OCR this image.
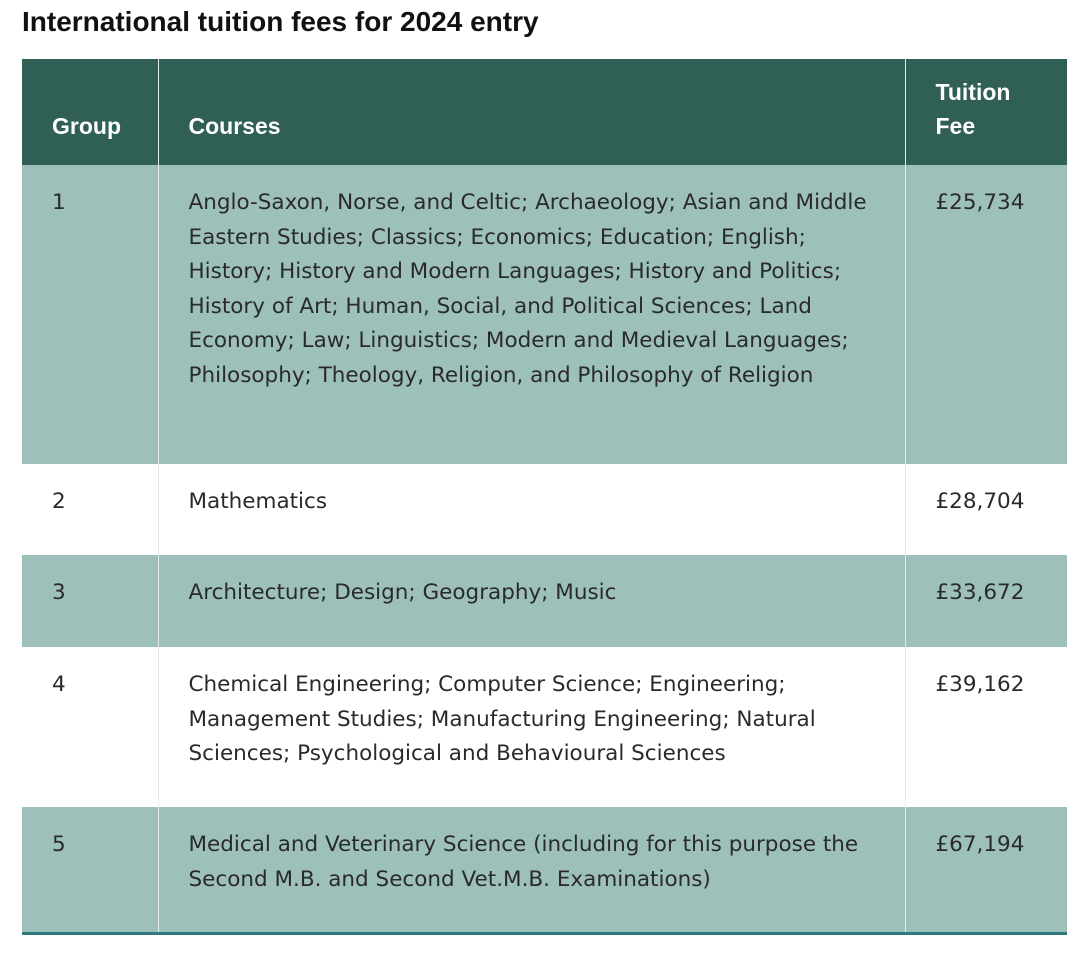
International tuition fees for 2024 entry
Group	Courses	Tuition Fee

1	Anglo-Saxon, Norse, and Celtic; Archaeology; Asian and Middle Eastern Studies; Classics; Economics; Education; English; History; History and Modern Languages; History and Politics; History of Art; Human, Social, and Political Sciences; Land Economy; Law; Linguistics; Modern and Medieval Languages; Philosophy; Theology, Religion, and Philosophy of Religion	£25,734
2	Mathematics	£28,704
3	Architecture; Design; Geography; Music	£33,672
4	Chemical Engineering; Computer Science; Engineering; Management Studies; Manufacturing Engineering; Natural Sciences; Psychological and Behavioural Sciences	£39,162
5	Medical and Veterinary Science (including for this purpose the Second M.B. and Second Vet.M.B. Examinations)	£67,194
